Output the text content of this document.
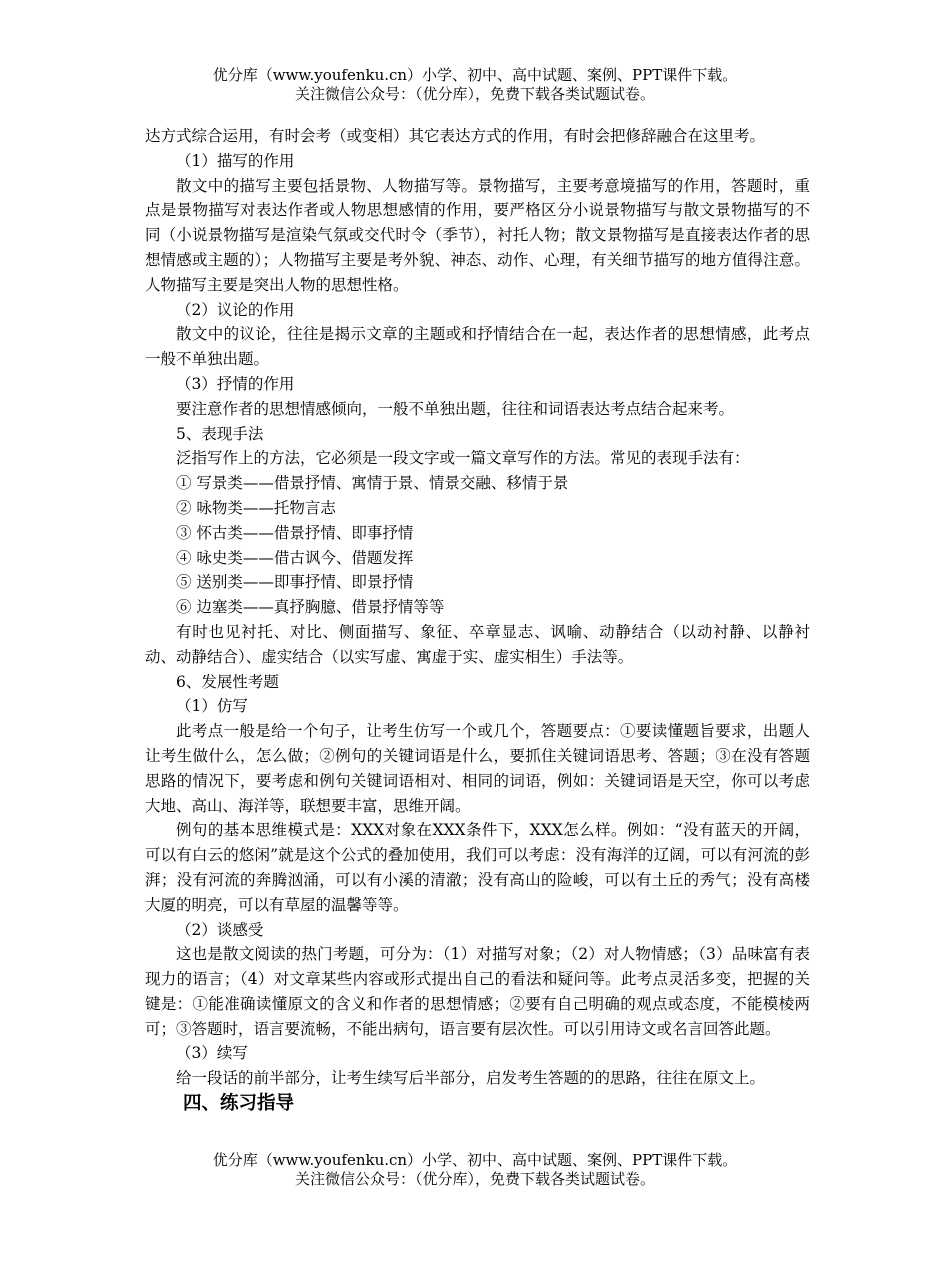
优分库（www.youfenku.cn）小学、初中、高中试题、案例、PPT课件下载。
关注微信公众号：（优分库），免费下载各类试题试卷。

达方式综合运用，有时会考（或变相）其它表达方式的作用，有时会把修辞融合在这里考。

（1）描写的作用

散文中的描写主要包括景物、人物描写等。景物描写，主要考意境描写的作用，答题时，重点是景物描写对表达作者或人物思想感情的作用，要严格区分小说景物描写与散文景物描写的不同（小说景物描写是渲染气氛或交代时令（季节），衬托人物；散文景物描写是直接表达作者的思想情感或主题的）；人物描写主要是考外貌、神态、动作、心理，有关细节描写的地方值得注意。人物描写主要是突出人物的思想性格。

（2）议论的作用

散文中的议论，往往是揭示文章的主题或和抒情结合在一起，表达作者的思想情感，此考点一般不单独出题。

（3）抒情的作用

要注意作者的思想情感倾向，一般不单独出题，往往和词语表达考点结合起来考。

5、表现手法

泛指写作上的方法，它必须是一段文字或一篇文章写作的方法。常见的表现手法有：

① 写景类——借景抒情、寓情于景、情景交融、移情于景

② 咏物类——托物言志

③ 怀古类——借景抒情、即事抒情

④ 咏史类——借古讽今、借题发挥

⑤ 送别类——即事抒情、即景抒情

⑥ 边塞类——真抒胸臆、借景抒情等等

有时也见衬托、对比、侧面描写、象征、卒章显志、讽喻、动静结合（以动衬静、以静衬动、动静结合）、虚实结合（以实写虚、寓虚于实、虚实相生）手法等。

6、发展性考题

（1）仿写

此考点一般是给一个句子，让考生仿写一个或几个，答题要点：①要读懂题旨要求，出题人让考生做什么，怎么做；②例句的关键词语是什么，要抓住关键词语思考、答题；③在没有答题思路的情况下，要考虑和例句关键词语相对、相同的词语，例如：关键词语是天空，你可以考虑大地、高山、海洋等，联想要丰富，思维开阔。

例句的基本思维模式是：XXX对象在XXX条件下，XXX怎么样。例如：“没有蓝天的开阔，可以有白云的悠闲”就是这个公式的叠加使用，我们可以考虑：没有海洋的辽阔，可以有河流的彭湃；没有河流的奔腾汹涌，可以有小溪的清澈；没有高山的险峻，可以有土丘的秀气；没有高楼大厦的明亮，可以有草屋的温馨等等。

（2）谈感受

这也是散文阅读的热门考题，可分为：（1）对描写对象；（2）对人物情感；（3）品味富有表现力的语言；（4）对文章某些内容或形式提出自己的看法和疑问等。此考点灵活多变，把握的关键是：①能准确读懂原文的含义和作者的思想情感；②要有自己明确的观点或态度，不能模棱两可；③答题时，语言要流畅，不能出病句，语言要有层次性。可以引用诗文或名言回答此题。

（3）续写

给一段话的前半部分，让考生续写后半部分，启发考生答题的的思路，往往在原文上。

四、练习指导

优分库（www.youfenku.cn）小学、初中、高中试题、案例、PPT课件下载。
关注微信公众号：（优分库），免费下载各类试题试卷。
